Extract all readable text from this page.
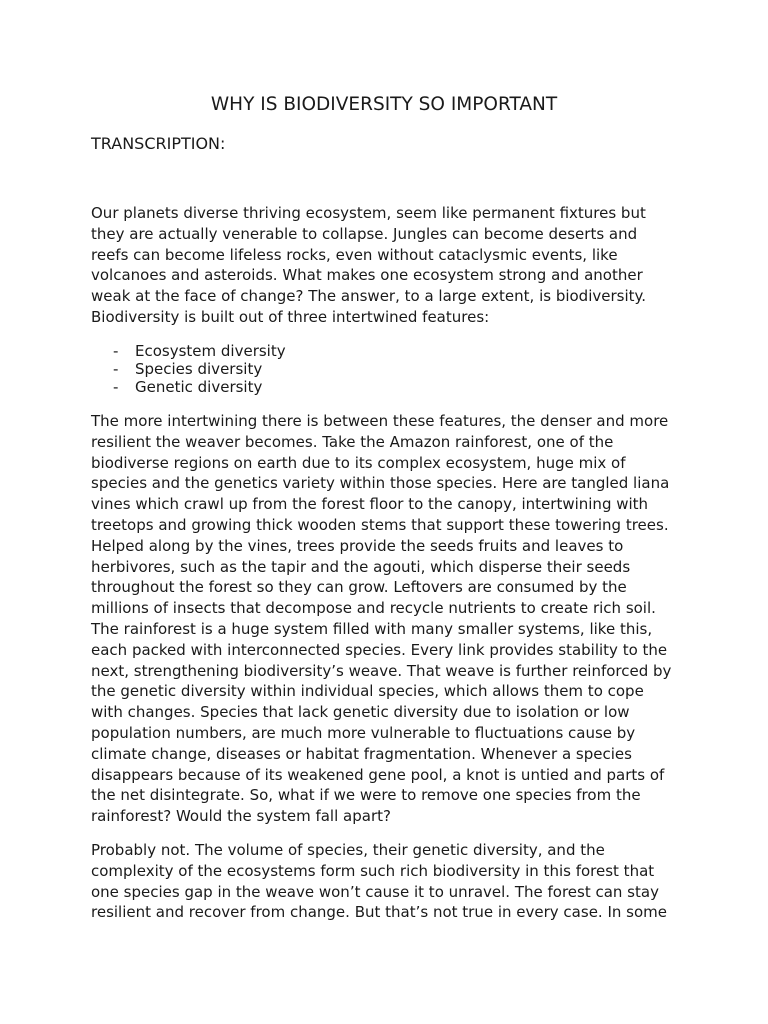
WHY IS BIODIVERSITY SO IMPORTANT
TRANSCRIPTION:
Our planets diverse thriving ecosystem, seem like permanent fixtures but
they are actually venerable to collapse. Jungles can become deserts and
reefs can become lifeless rocks, even without cataclysmic events, like
volcanoes and asteroids. What makes one ecosystem strong and another
weak at the face of change? The answer, to a large extent, is biodiversity.
Biodiversity is built out of three intertwined features:
- Ecosystem diversity
- Species diversity
- Genetic diversity
The more intertwining there is between these features, the denser and more
resilient the weaver becomes. Take the Amazon rainforest, one of the
biodiverse regions on earth due to its complex ecosystem, huge mix of
species and the genetics variety within those species. Here are tangled liana
vines which crawl up from the forest floor to the canopy, intertwining with
treetops and growing thick wooden stems that support these towering trees.
Helped along by the vines, trees provide the seeds fruits and leaves to
herbivores, such as the tapir and the agouti, which disperse their seeds
throughout the forest so they can grow. Leftovers are consumed by the
millions of insects that decompose and recycle nutrients to create rich soil.
The rainforest is a huge system filled with many smaller systems, like this,
each packed with interconnected species. Every link provides stability to the
next, strengthening biodiversity’s weave. That weave is further reinforced by
the genetic diversity within individual species, which allows them to cope
with changes. Species that lack genetic diversity due to isolation or low
population numbers, are much more vulnerable to fluctuations cause by
climate change, diseases or habitat fragmentation. Whenever a species
disappears because of its weakened gene pool, a knot is untied and parts of
the net disintegrate. So, what if we were to remove one species from the
rainforest? Would the system fall apart?
Probably not. The volume of species, their genetic diversity, and the
complexity of the ecosystems form such rich biodiversity in this forest that
one species gap in the weave won’t cause it to unravel. The forest can stay
resilient and recover from change. But that’s not true in every case. In some
